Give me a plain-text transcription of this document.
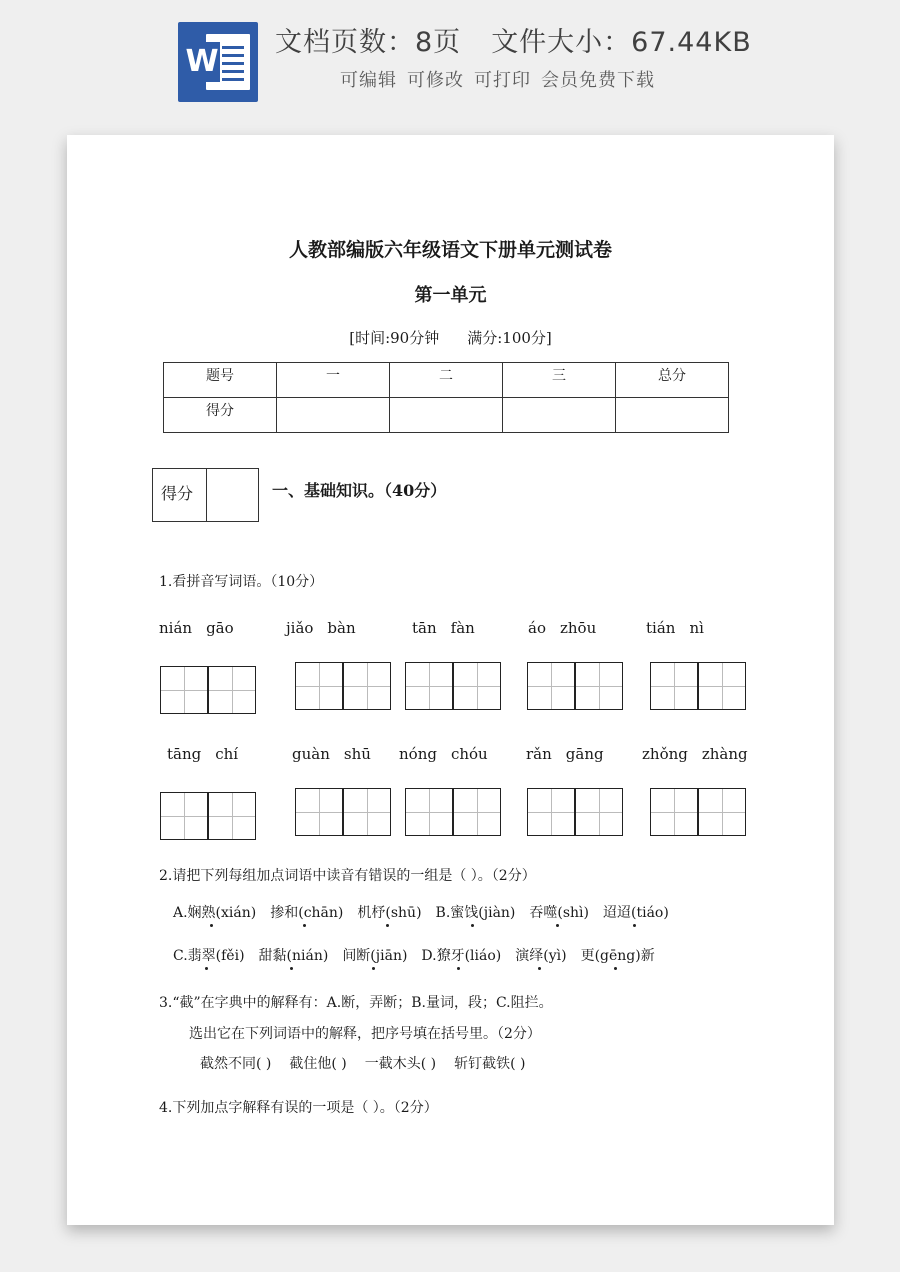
W
文档页数：8页 文件大小：67.44KB
可编辑 可修改 可打印 会员免费下载
人教部编版六年级语文下册单元测试卷
第一单元
[时间:90分钟 满分:100分]
题号	一	二	三	总分
得分				
得分	一、基础知识。（40分）
1.看拼音写词语。（10分）
nián gāo	jiǎo bàn	tān fàn	áo zhōu	tián nì
tāng chí	guàn shū	nóng chóu	rǎn gāng	zhǒng zhàng
2.请把下列每组加点词语中读音有错误的一组是（ ）。（2分）
A.娴熟(xián) 掺和(chān) 机杼(shū) B.蜜饯(jiàn) 吞噬(shì) 迢迢(tiáo)
C.翡翠(fěi) 甜黏(nián) 间断(jiān) D.獠牙(liáo) 演绎(yì) 更(gēng)新
3.“截”在字典中的解释有：A.断，弄断；B.量词，段；C.阻拦。
选出它在下列词语中的解释，把序号填在括号里。（2分）
截然不同( ) 截住他( ) 一截木头( ) 斩钉截铁( )
4.下列加点字解释有误的一项是（ ）。（2分）
